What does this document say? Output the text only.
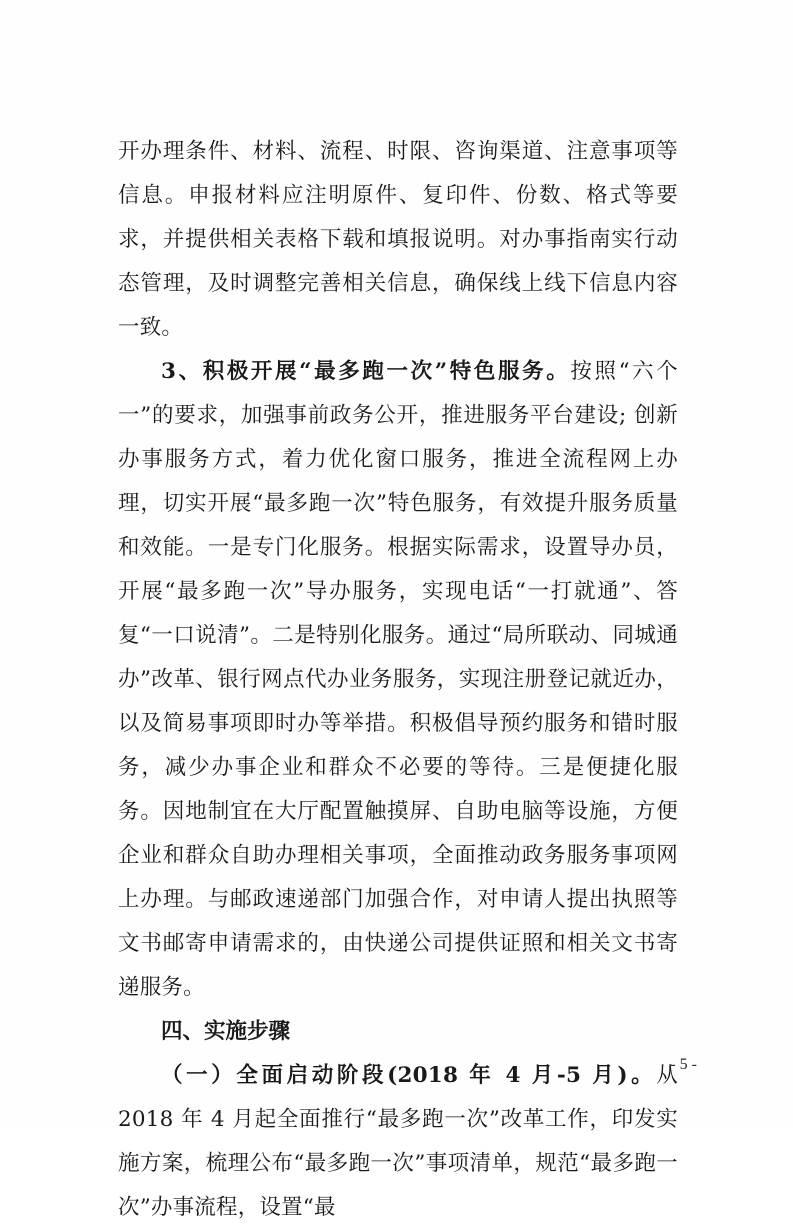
开办理条件、材料、流程、时限、咨询渠道、注意事项等信息。申报材料应注明原件、复印件、份数、格式等要求，并提供相关表格下载和填报说明。对办事指南实行动态管理，及时调整完善相关信息，确保线上线下信息内容一致。

3、积极开展“最多跑一次”特色服务。按照“六个一”的要求，加强事前政务公开，推进服务平台建设; 创新办事服务方式，着力优化窗口服务，推进全流程网上办理，切实开展“最多跑一次”特色服务，有效提升服务质量和效能。一是专门化服务。根据实际需求，设置导办员，开展“最多跑一次”导办服务，实现电话“一打就通”、答复“一口说清”。二是特别化服务。通过“局所联动、同城通办”改革、银行网点代办业务服务，实现注册登记就近办，以及简易事项即时办等举措。积极倡导预约服务和错时服务，减少办事企业和群众不必要的等待。三是便捷化服务。因地制宜在大厅配置触摸屏、自助电脑等设施，方便企业和群众自助办理相关事项，全面推动政务服务事项网上办理。与邮政速递部门加强合作，对申请人提出执照等文书邮寄申请需求的，由快递公司提供证照和相关文书寄递服务。

四、实施步骤

（一）全面启动阶段(2018 年 4 月-5 月)。从 2018 年 4 月起全面推行“最多跑一次”改革工作，印发实施方案，梳理公布“最多跑一次”事项清单，规范“最多跑一次”办事流程，设置“最

- 5 -
